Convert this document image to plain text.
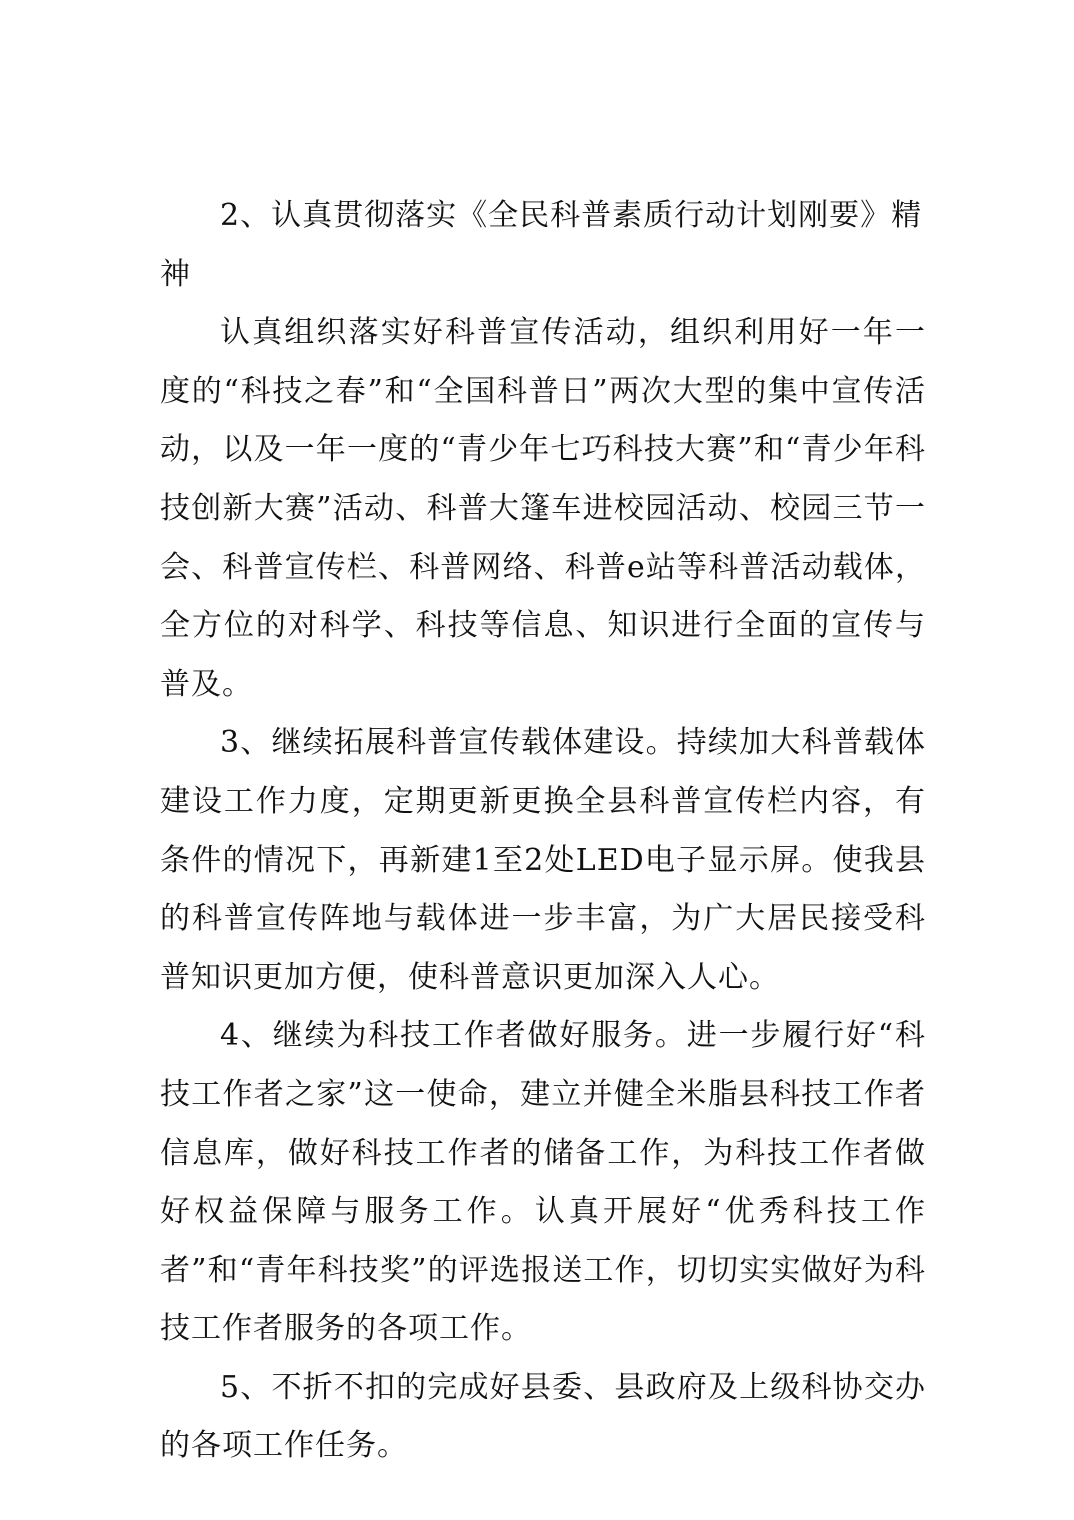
2、认真贯彻落实《全民科普素质行动计划刚要》精神

认真组织落实好科普宣传活动，组织利用好一年一度的“科技之春”和“全国科普日”两次大型的集中宣传活动，以及一年一度的“青少年七巧科技大赛”和“青少年科技创新大赛”活动、科普大篷车进校园活动、校园三节一会、科普宣传栏、科普网络、科普e站等科普活动载体，全方位的对科学、科技等信息、知识进行全面的宣传与普及。

3、继续拓展科普宣传载体建设。持续加大科普载体建设工作力度，定期更新更换全县科普宣传栏内容，有条件的情况下，再新建1至2处LED电子显示屏。使我县的科普宣传阵地与载体进一步丰富，为广大居民接受科普知识更加方便，使科普意识更加深入人心。

4、继续为科技工作者做好服务。进一步履行好“科技工作者之家”这一使命，建立并健全米脂县科技工作者信息库，做好科技工作者的储备工作，为科技工作者做好权益保障与服务工作。认真开展好“优秀科技工作者”和“青年科技奖”的评选报送工作，切切实实做好为科技工作者服务的各项工作。

5、不折不扣的完成好县委、县政府及上级科协交办的各项工作任务。
